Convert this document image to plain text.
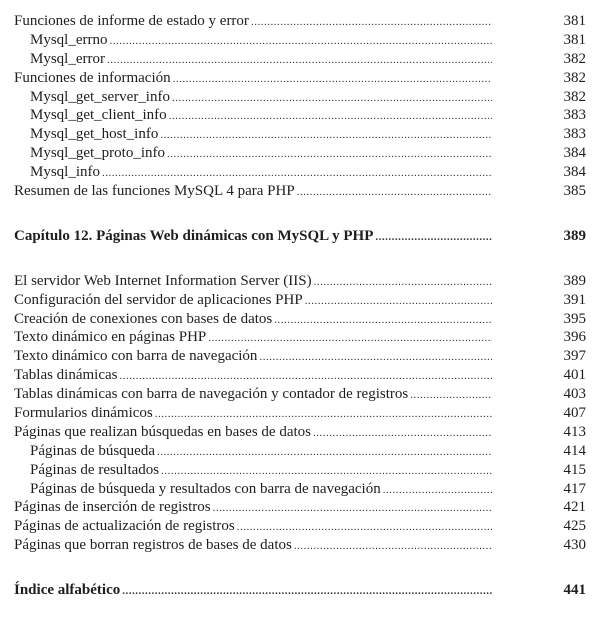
Funciones de informe de estado y error .....	381
Mysql_errno .....	381
Mysql_error .....	382
Funciones de información .....	382
Mysql_get_server_info .....	382
Mysql_get_client_info .....	383
Mysql_get_host_info .....	383
Mysql_get_proto_info .....	384
Mysql_info .....	384
Resumen de las funciones MySQL 4 para PHP .....	385
Capítulo 12. Páginas Web dinámicas con MySQL y PHP .....	389
El servidor Web Internet Information Server (IIS) .....	389
Configuración del servidor de aplicaciones PHP .....	391
Creación de conexiones con bases de datos .....	395
Texto dinámico en páginas PHP .....	396
Texto dinámico con barra de navegación .....	397
Tablas dinámicas .....	401
Tablas dinámicas con barra de navegación y contador de registros .....	403
Formularios dinámicos .....	407
Páginas que realizan búsquedas en bases de datos .....	413
Páginas de búsqueda .....	414
Páginas de resultados .....	415
Páginas de búsqueda y resultados con barra de navegación .....	417
Páginas de inserción de registros .....	421
Páginas de actualización de registros .....	425
Páginas que borran registros de bases de datos .....	430
Índice alfabético .....	441
